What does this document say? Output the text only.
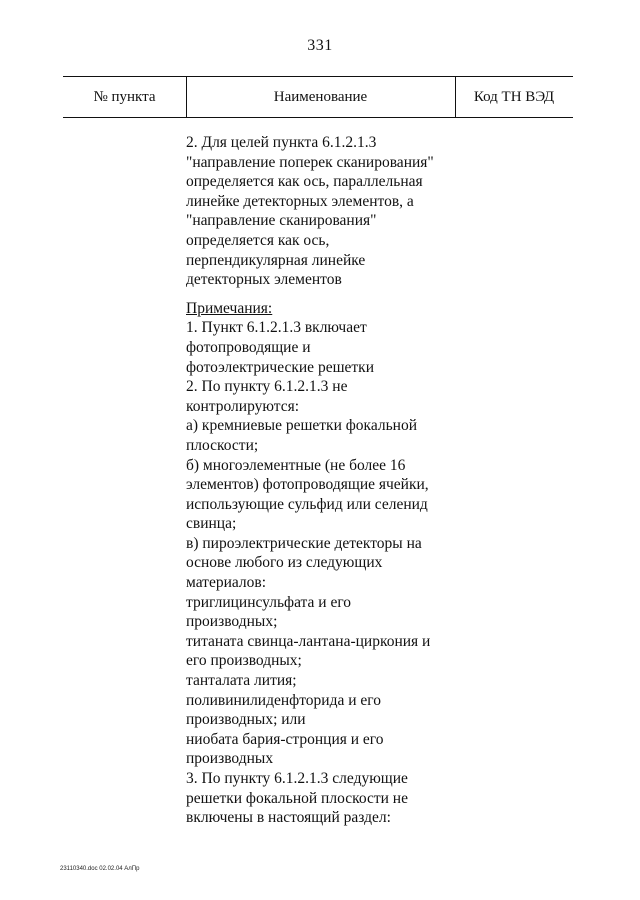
331
№ пункта	Наименование	Код ТН ВЭД
2. Для целей пункта 6.1.2.1.3
"направление поперек сканирования"
определяется как ось, параллельная
линейке детекторных элементов, а
"направление сканирования"
определяется как ось,
перпендикулярная линейке
детекторных элементов
Примечания:
1. Пункт 6.1.2.1.3 включает
фотопроводящие и
фотоэлектрические решетки
2. По пункту 6.1.2.1.3 не
контролируются:
а) кремниевые решетки фокальной
плоскости;
б) многоэлементные (не более 16
элементов) фотопроводящие ячейки,
использующие сульфид или селенид
свинца;
в) пироэлектрические детекторы на
основе любого из следующих
материалов:
триглицинсульфата и его
производных;
титаната свинца-лантана-циркония и
его производных;
танталата лития;
поливинилиденфторида и его
производных; или
ниобата бария-стронция и его
производных
3. По пункту 6.1.2.1.3 следующие
решетки фокальной плоскости не
включены в настоящий раздел:
23110340.doc 02.02.04 АлПр
